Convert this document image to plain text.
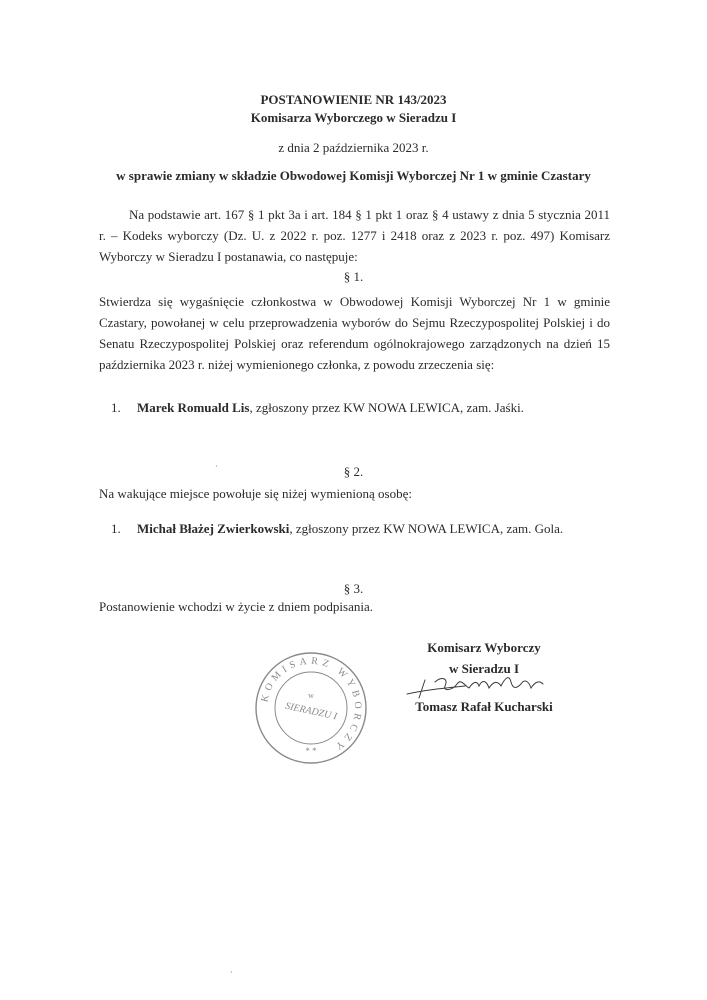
POSTANOWIENIE NR 143/2023
Komisarza Wyborczego w Sieradzu I
z dnia 2 października 2023 r.
w sprawie zmiany w składzie Obwodowej Komisji Wyborczej Nr 1 w gminie Czastary
Na podstawie art. 167 § 1 pkt 3a i art. 184 § 1 pkt 1 oraz § 4 ustawy z dnia 5 stycznia 2011 r. – Kodeks wyborczy (Dz. U. z 2022 r. poz. 1277 i 2418 oraz z 2023 r. poz. 497) Komisarz Wyborczy w Sieradzu I postanawia, co następuje:
§ 1.
Stwierdza się wygaśnięcie członkostwa w Obwodowej Komisji Wyborczej Nr 1 w gminie Czastary, powołanej w celu przeprowadzenia wyborów do Sejmu Rzeczypospolitej Polskiej i do Senatu Rzeczypospolitej Polskiej oraz referendum ogólnokrajowego zarządzonych na dzień 15 października 2023 r. niżej wymienionego członka, z powodu zrzeczenia się:
1. Marek Romuald Lis, zgłoszony przez KW NOWA LEWICA, zam. Jaśki.
·	§ 2.
Na wakujące miejsce powołuje się niżej wymienioną osobę:
1. Michał Błażej Zwierkowski, zgłoszony przez KW NOWA LEWICA, zam. Gola.
§ 3.
Postanowienie wchodzi w życie z dniem podpisania.
Komisarz Wyborczy
w Sieradzu I
Tomasz Rafał Kucharski
KOMISARZ WYBORCZY
w
SIERADZU I
* *
·
